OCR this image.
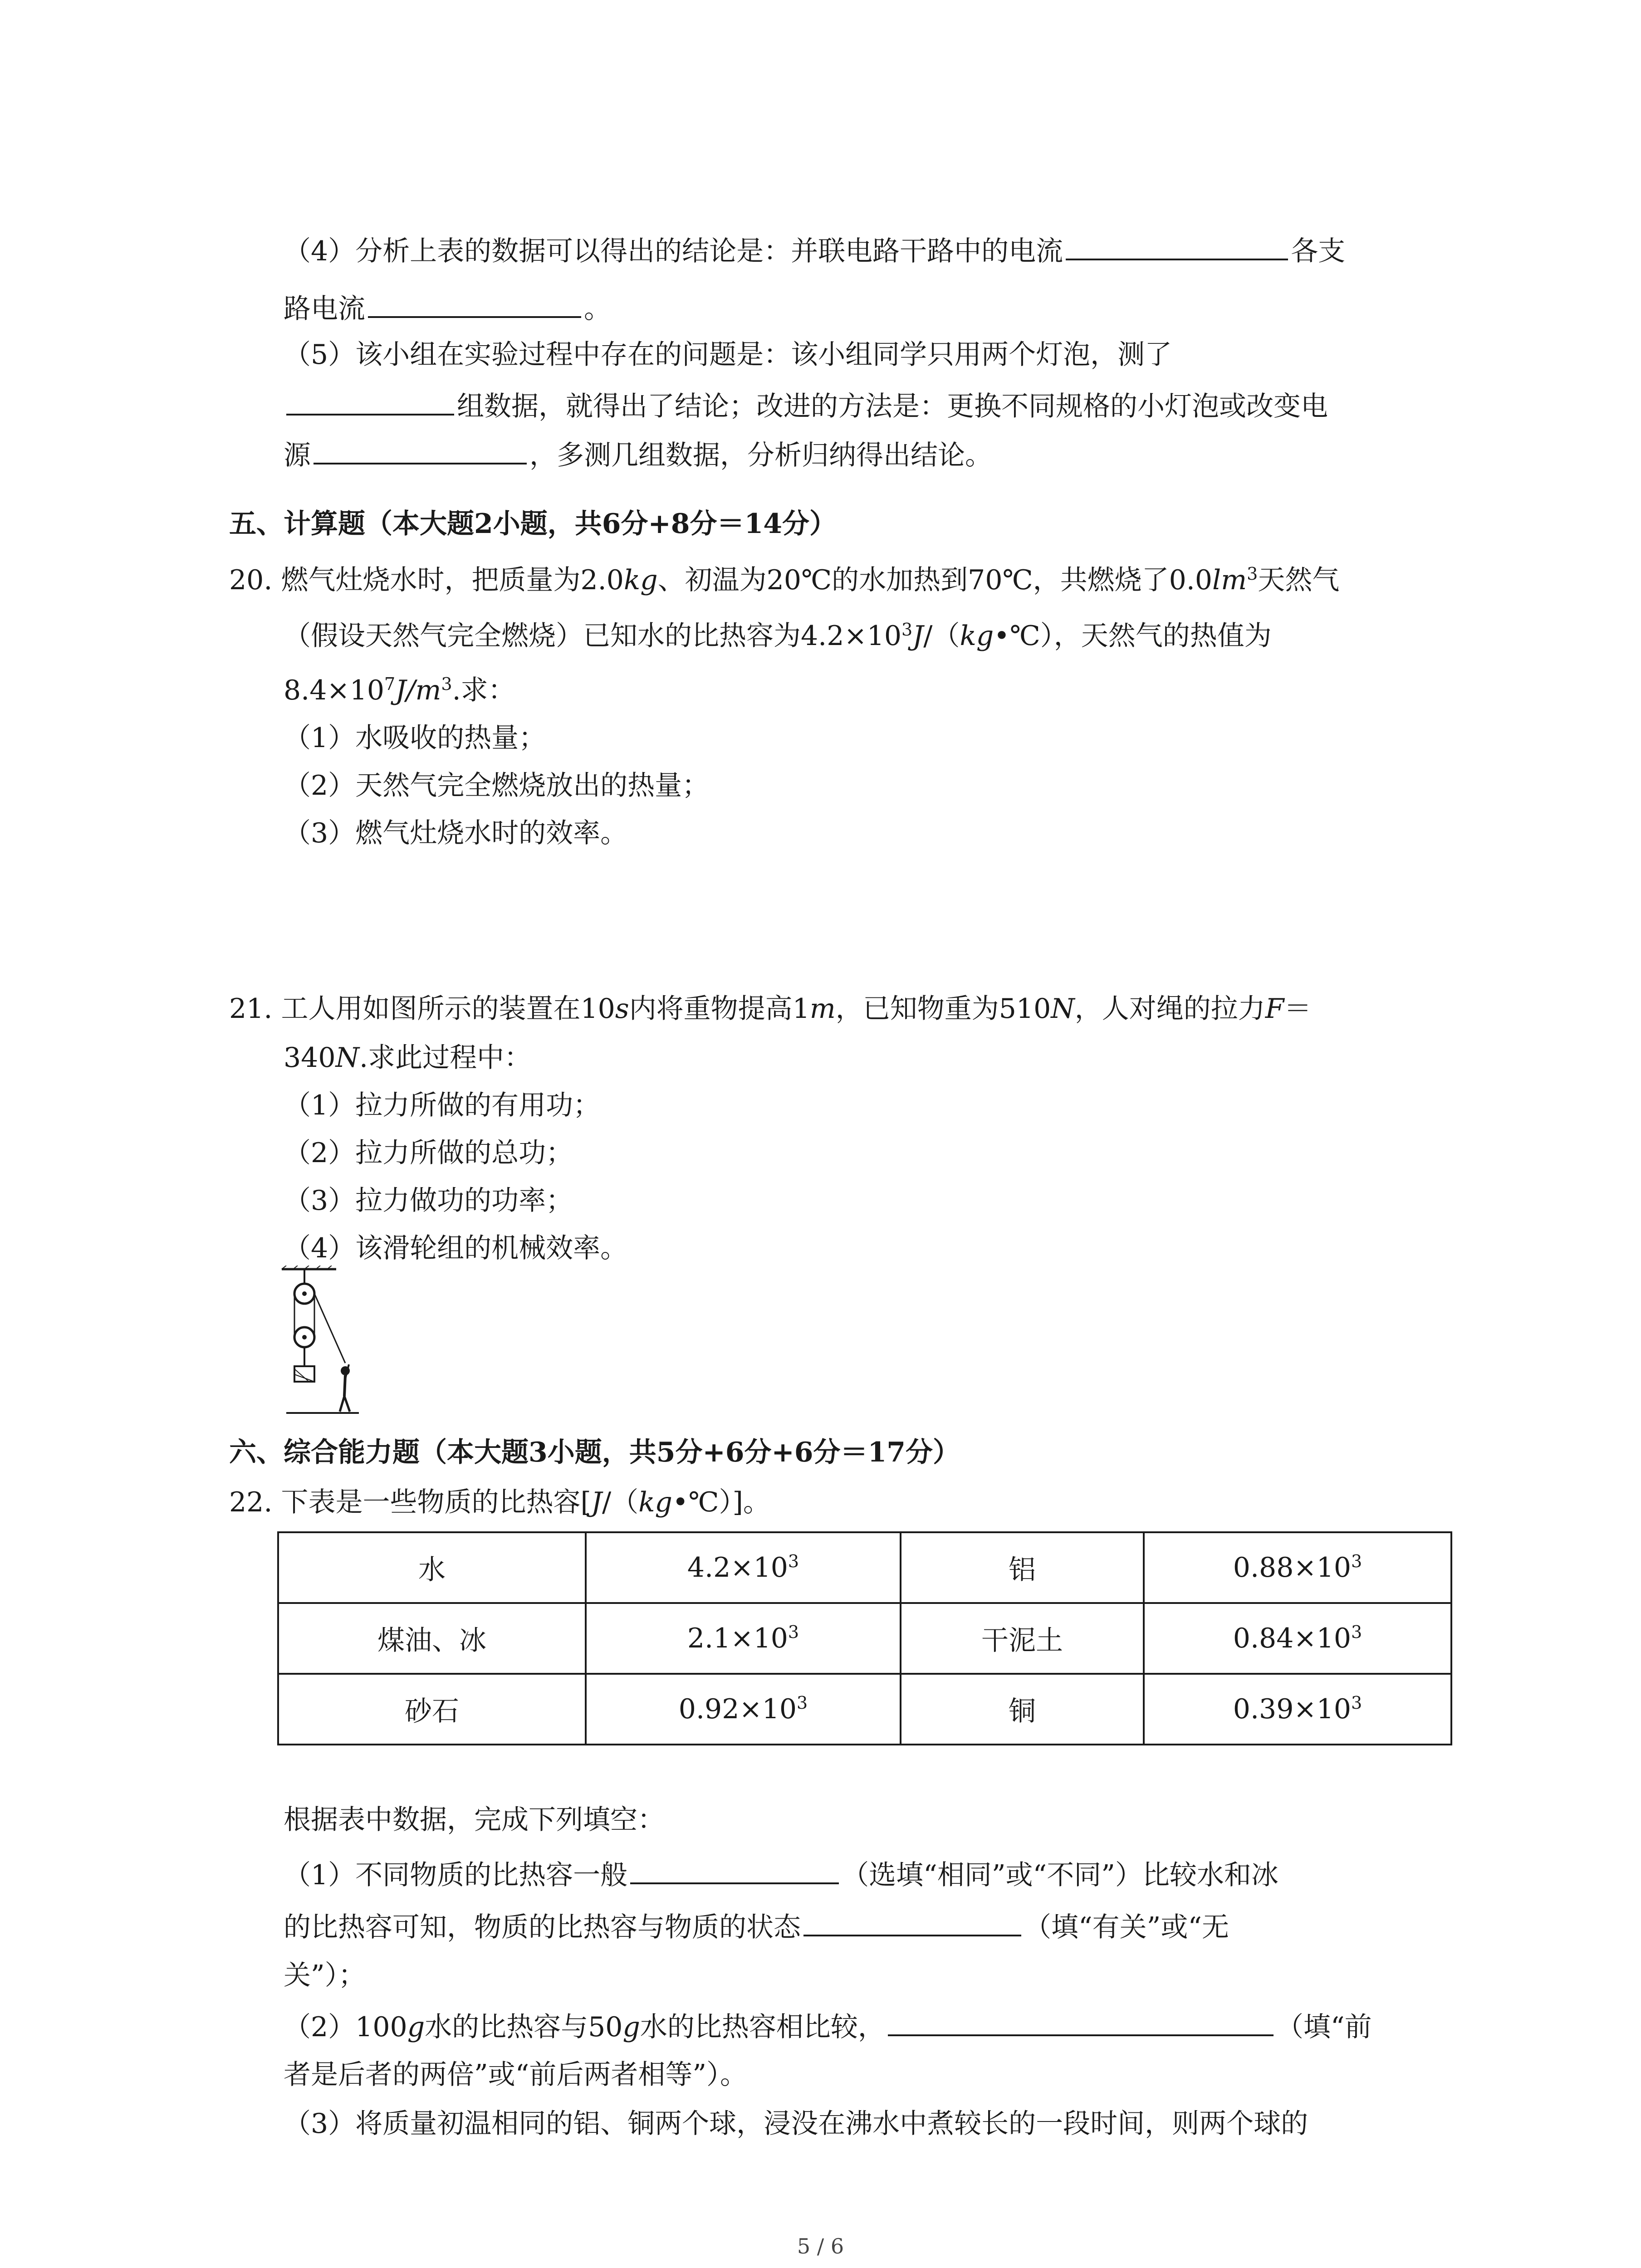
（4）分析上表的数据可以得出的结论是：并联电路干路中的电流	各支
路电流	。
（5）该小组在实验过程中存在的问题是：该小组同学只用两个灯泡，测了
组数据，就得出了结论；改进的方法是：更换不同规格的小灯泡或改变电
源	，多测几组数据，分析归纳得出结论。
五、计算题（本大题2小题，共6分+8分＝14分）
20. 燃气灶烧水时，把质量为2.0kg、初温为20℃的水加热到70℃，共燃烧了$0.0lm^3$天然气
（假设天然气完全燃烧）已知水的比热容为$4.2\times 10^3J/(kg•℃)$，天然气的热值为
$8.4\times 10^7J/m^3$.求：
（1）水吸收的热量；
（2）天然气完全燃烧放出的热量；
（3）燃气灶烧水时的效率。
21. 工人用如图所示的装置在10s内将重物提高1m，已知物重为510N，人对绳的拉力F＝
340N.求此过程中：
（1）拉力所做的有用功；
（2）拉力所做的总功；
（3）拉力做功的功率；
（4）该滑轮组的机械效率。
六、综合能力题（本大题3小题，共5分+6分+6分＝17分）
22. 下表是一些物质的比热容[J/（kg•℃）]。
水	$4.2\times 10^3$	铝	$0.88\times 10^3$
煤油、冰	$2.1\times 10^3$	干泥土	$0.84\times 10^3$
砂石	$0.92\times 10^3$	铜	$0.39\times 10^3$
根据表中数据，完成下列填空：
（1）不同物质的比热容一般	（选填“相同”或“不同”）比较水和冰
的比热容可知，物质的比热容与物质的状态	（填“有关”或“无
关”）；
（2）100g水的比热容与50g水的比热容相比较，	（填“前
者是后者的两倍”或“前后两者相等”）。
（3）将质量初温相同的铝、铜两个球，浸没在沸水中煮较长的一段时间，则两个球的
5 / 6
